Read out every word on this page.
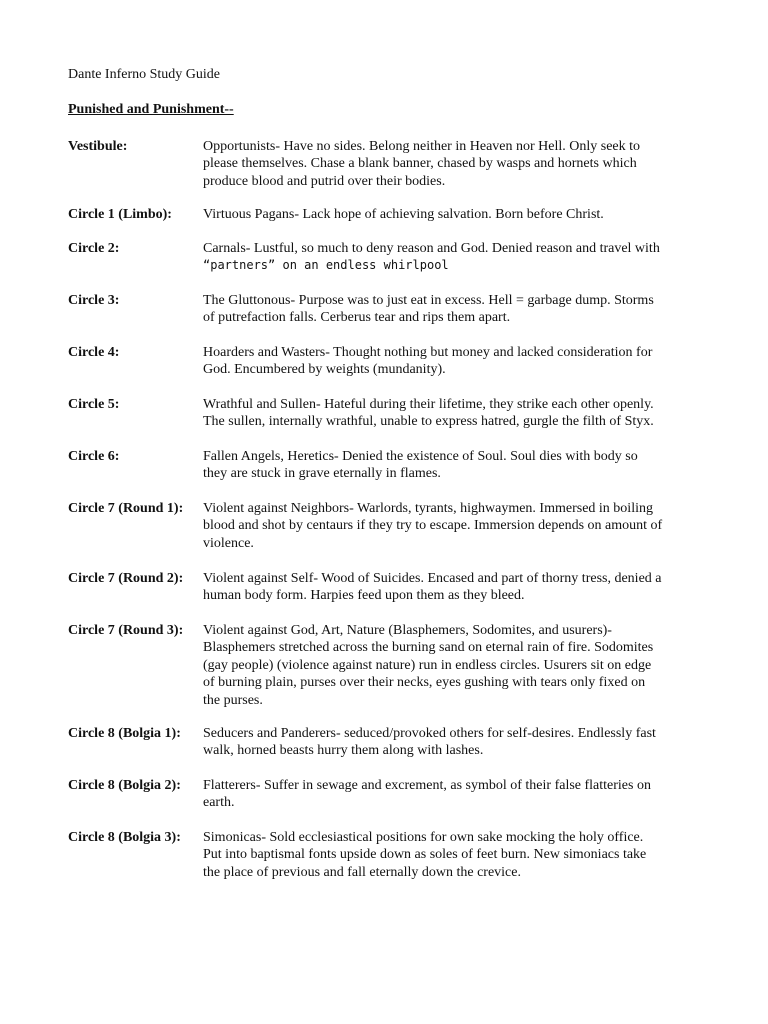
Dante Inferno Study Guide
Punished and Punishment--
Vestibule:	Opportunists- Have no sides. Belong neither in Heaven nor Hell. Only seek to
please themselves. Chase a blank banner, chased by wasps and hornets which
produce blood and putrid over their bodies.
Circle 1 (Limbo): Virtuous Pagans- Lack hope of achieving salvation. Born before Christ.
Circle 2:	Carnals- Lustful, so much to deny reason and God. Denied reason and travel with
“partners” on an endless whirlpool
Circle 3:	The Gluttonous- Purpose was to just eat in excess. Hell = garbage dump. Storms
of putrefaction falls. Cerberus tear and rips them apart.
Circle 4:	Hoarders and Wasters- Thought nothing but money and lacked consideration for
God. Encumbered by weights (mundanity).
Circle 5:	Wrathful and Sullen- Hateful during their lifetime, they strike each other openly.
The sullen, internally wrathful, unable to express hatred, gurgle the filth of Styx.
Circle 6:	Fallen Angels, Heretics- Denied the existence of Soul. Soul dies with body so
they are stuck in grave eternally in flames.
Circle 7 (Round 1): Violent against Neighbors- Warlords, tyrants, highwaymen. Immersed in boiling
blood and shot by centaurs if they try to escape. Immersion depends on amount of
violence.
Circle 7 (Round 2): Violent against Self- Wood of Suicides. Encased and part of thorny tress, denied a
human body form. Harpies feed upon them as they bleed.
Circle 7 (Round 3): Violent against God, Art, Nature (Blasphemers, Sodomites, and usurers)-
Blasphemers stretched across the burning sand on eternal rain of fire. Sodomites
(gay people) (violence against nature) run in endless circles. Usurers sit on edge
of burning plain, purses over their necks, eyes gushing with tears only fixed on
the purses.
Circle 8 (Bolgia 1): Seducers and Panderers- seduced/provoked others for self-desires. Endlessly fast
walk, horned beasts hurry them along with lashes.
Circle 8 (Bolgia 2): Flatterers- Suffer in sewage and excrement, as symbol of their false flatteries on
earth.
Circle 8 (Bolgia 3): Simonicas- Sold ecclesiastical positions for own sake mocking the holy office.
Put into baptismal fonts upside down as soles of feet burn. New simoniacs take
the place of previous and fall eternally down the crevice.
